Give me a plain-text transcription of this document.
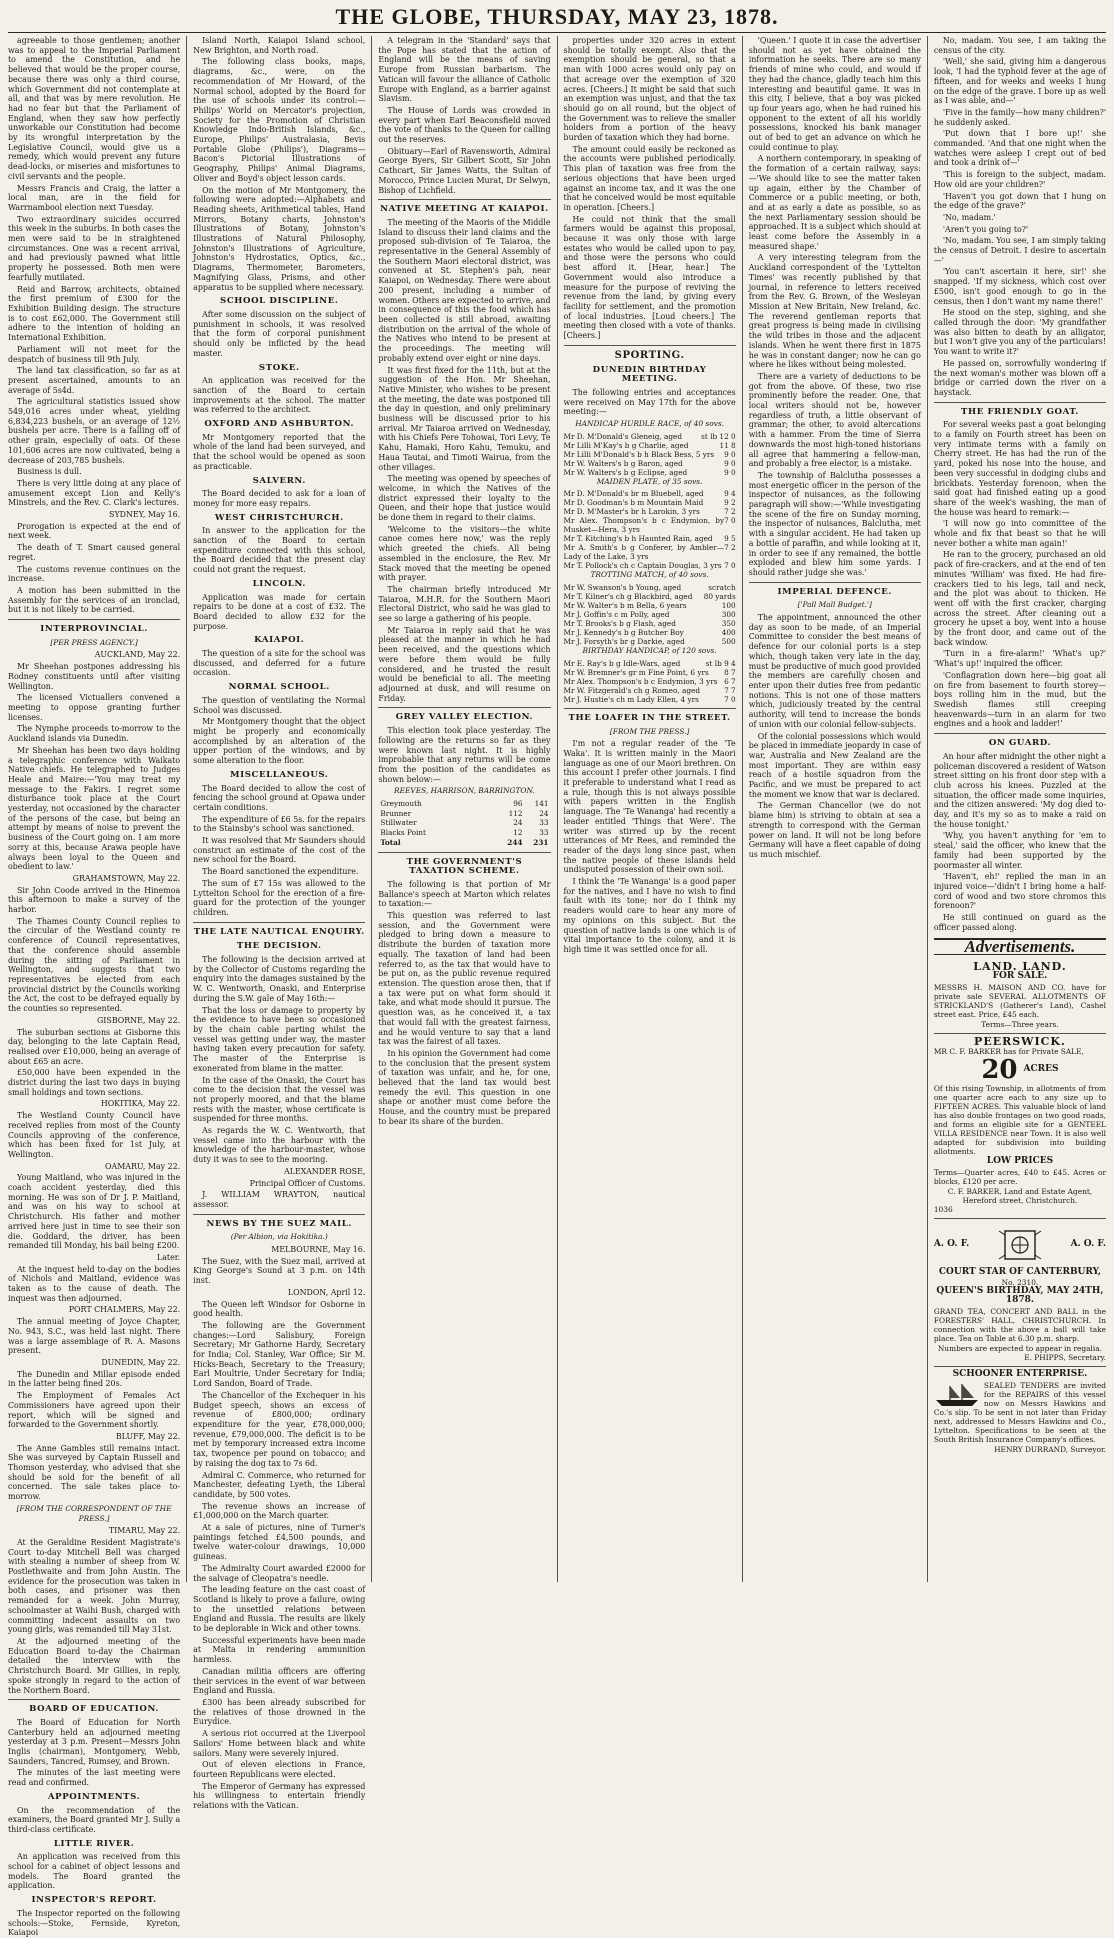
THE GLOBE, THURSDAY, MAY 23, 1878.

agreeable to those gentlemen; another was to appeal to the Imperial Parliament to amend the Constitution, and he believed that would be the proper course, because there was only a third course, which Government did not contemplate at all, and that was by mere revolution. He had no fear but that the Parliament of England, when they saw how perfectly unworkable our Constitution had become by its wrongful interpretation by the Legislative Council, would give us a remedy, which would prevent any future dead-locks, or miseries and misfortunes to civil servants and the people.

Messrs Francis and Craig, the latter a local man, are in the field for Warrnambool election next Tuesday.

Two extraordinary suicides occurred this week in the suburbs. In both cases the men were said to be in straightened circumstances. One was a recent arrival, and had previously pawned what little property he possessed. Both men were fearfully mutilated.

Reid and Barrow, architects, obtained the first premium of £300 for the Exhibition Building design. The structure is to cost £62,000. The Government still adhere to the intention of holding an International Exhibition.

Parliament will not meet for the despatch of business till 9th July.

The land tax classification, so far as at present ascertained, amounts to an average of 5s4d.

The agricultural statistics issued show 549,016 acres under wheat, yielding 6,834,223 bushels, or an average of 12½ bushels per acre. There is a falling off of other grain, especially of oats. Of these 101,606 acres are now cultivated, being a decrease of 203,785 bushels.

Business is dull.

There is very little doing at any place of amusement except Lion and Kelly's Minstrels, and the Rev. C. Clark's lectures.

SYDNEY, May 16.

Prorogation is expected at the end of next week.

The death of T. Smart caused general regret.

The customs revenue continues on the increase.

A motion has been submitted in the Assembly for the services of an ironclad, but it is not likely to be carried.

INTERPROVINCIAL.
[PER PRESS AGENCY.]

AUCKLAND, May 22.

Mr Sheehan postpones addressing his Rodney constituents until after visiting Wellington.

The licensed Victuallers convened a meeting to oppose granting further licenses.

The Nymphe proceeds to-morrow to the Auckland islands via Dunedin.

Mr Sheehan has been two days holding a telegraphic conference with Waikato Native chiefs. He telegraphed to Judges Heale and Maire:—'You may treat my message to the Fakirs. I regret some disturbance took place at the Court yesterday, not occasioned by the character of the persons of the case, but being an attempt by means of noise to prevent the business of the Court going on. I am more sorry at this, because Arawa people have always been loyal to the Queen and obedient to law.'

GRAHAMSTOWN, May 22.

Sir John Coode arrived in the Hinemoa this afternoon to make a survey of the harbor.

The Thames County Council replies to the circular of the Westland county re conference of Council representatives, that the conference should assemble during the sitting of Parliament in Wellington, and suggests that two representatives be elected from each provincial district by the Councils working the Act, the cost to be defrayed equally by the counties so represented.

GISBORNE, May 22.

The suburban sections at Gisborne this day, belonging to the late Captain Read, realised over £10,000, being an average of about £65 an acre.

£50,000 have been expended in the district during the last two days in buying small holdings and town sections.

HOKITIKA, May 22.

The Westland County Council have received replies from most of the County Councils approving of the conference, which has been fixed for 1st July, at Wellington.

OAMARU, May 22.

Young Maitland, who was injured in the coach accident yesterday, died this morning. He was son of Dr J. P. Maitland, and was on his way to school at Christchurch. His father and mother arrived here just in time to see their son die. Goddard, the driver, has been remanded till Monday, his bail being £200.

Later.

At the inquest held to-day on the bodies of Nichols and Maitland, evidence was taken as to the cause of death. The inquest was then adjourned.

PORT CHALMERS, May 22.

The annual meeting of Joyce Chapter, No. 943, S.C., was held last night. There was a large assemblage of R. A. Masons present.

DUNEDIN, May 22.

The Dunedin and Millar episode ended in the latter being fined 20s.

The Employment of Females Act Commissioners have agreed upon their report, which will be signed and forwarded to the Government shortly.

BLUFF, May 22.

The Anne Gambles still remains intact. She was surveyed by Captain Russell and Thomson yesterday, who advised that she should be sold for the benefit of all concerned. The sale takes place to-morrow.

[FROM THE CORRESPONDENT OF THE PRESS.]

TIMARU, May 22.

At the Geraldine Resident Magistrate's Court to-day Mitchell Bell was charged with stealing a number of sheep from W. Postlethwaite and from John Austin. The evidence for the prosecution was taken in both cases, and prisoner was then remanded for a week. John Murray, schoolmaster at Waihi Bush, charged with committing indecent assaults on two young girls, was remanded till May 31st.

At the adjourned meeting of the Education Board to-day the Chairman detailed the interview with the Christchurch Board. Mr Gillies, in reply, spoke strongly in regard to the action of the Northern Board.

BOARD OF EDUCATION.

The Board of Education for North Canterbury held an adjourned meeting yesterday at 3 p.m. Present—Messrs John Inglis (chairman), Montgomery, Webb, Saunders, Tancred, Rumsey, and Brown.

The minutes of the last meeting were read and confirmed.

APPOINTMENTS.

On the recommendation of the examiners, the Board granted Mr J. Sully a third-class certificate.

LITTLE RIVER.

An application was received from this school for a cabinet of object lessons and models. The Board granted the application.

INSPECTOR'S REPORT.

The Inspector reported on the following schools:—Stoke, Fernside, Kyreton, Kaiapoi

Island North, Kaiapoi Island school, New Brighton, and North road.

The following class books, maps, diagrams, &c., were, on the recommendation of Mr Howard, of the Normal school, adopted by the Board for the use of schools under its control:—Philips' World on Mercator's projection, Society for the Promotion of Christian Knowledge Indo-British Islands, &c., Europe, Philips' Australasia, Bevis Portable Globe (Philips'), Diagrams—Bacon's Pictorial Illustrations of Geography, Philips' Animal Diagrams, Oliver and Boyd's object lesson cards.

On the motion of Mr Montgomery, the following were adopted:—Alphabets and Reading sheets, Arithmetical tables, Hand Mirrors, Botany charts, Johnston's Illustrations of Botany, Johnston's Illustrations of Natural Philosophy, Johnston's Illustrations of Agriculture, Johnston's Hydrostatics, Optics, &c., Diagrams, Thermometer, Barometers, Magnifying Glass, Prisms, and other apparatus to be supplied where necessary.

SCHOOL DISCIPLINE.

After some discussion on the subject of punishment in schools, it was resolved that the form of corporal punishment should only be inflicted by the head master.

STOKE.

An application was received for the sanction of the Board to certain improvements at the school. The matter was referred to the architect.

OXFORD AND ASHBURTON.

Mr Montgomery reported that the whole of the land had been surveyed, and that the school would be opened as soon as practicable.

SALVERN.

The Board decided to ask for a loan of money for more easy repairs.

WEST CHRISTCHURCH.

In answer to the application for the sanction of the Board to certain expenditure connected with this school, the Board decided that the present clay could not grant the request.

LINCOLN.

Application was made for certain repairs to be done at a cost of £32. The Board decided to allow £32 for the purpose.

KAIAPOI.

The question of a site for the school was discussed, and deferred for a future occasion.

NORMAL SCHOOL.

The question of ventilating the Normal School was discussed.

Mr Montgomery thought that the object might be properly and economically accomplished by an alteration of the upper portion of the windows, and by some alteration to the floor.

MISCELLANEOUS.

The Board decided to allow the cost of fencing the school ground at Opawa under certain conditions.

The expenditure of £6 5s. for the repairs to the Stainsby's school was sanctioned.

It was resolved that Mr Saunders should construct an estimate of the cost of the new school for the Board.

The Board sanctioned the expenditure.

The sum of £7 15s was allowed to the Lyttelton School for the erection of a fire-guard for the protection of the younger children.

THE LATE NAUTICAL ENQUIRY.
THE DECISION.

The following is the decision arrived at by the Collector of Customs regarding the enquiry into the damages sustained by the W. C. Wentworth, Onaski, and Enterprise during the S.W. gale of May 16th:—

That the loss or damage to property by the evidence to have been so occasioned by the chain cable parting whilst the vessel was getting under way, the master having taken every precaution for safety. The master of the Enterprise is exonerated from blame in the matter.

In the case of the Onaski, the Court has come to the decision that the vessel was not properly moored, and that the blame rests with the master, whose certificate is suspended for three months.

As regards the W. C. Wentworth, that vessel came into the harbour with the knowledge of the harbour-master, whose duty it was to see to the mooring.

ALEXANDER ROSE,

Principal Officer of Customs.

J. WILLIAM WRAYTON, nautical assessor.

NEWS BY THE SUEZ MAIL.
(Per Albion, via Hokitika.)

MELBOURNE, May 16.

The Suez, with the Suez mail, arrived at King George's Sound at 3 p.m. on 14th inst.

LONDON, April 12.

The Queen left Windsor for Osborne in good health.

The following are the Government changes:—Lord Salisbury, Foreign Secretary; Mr Gathorne Hardy, Secretary for India; Col. Stanley, War Office; Sir M. Hicks-Beach, Secretary to the Treasury; Earl Moultrie, Under Secretary for India; Lord Sandon, Board of Trade.

The Chancellor of the Exchequer in his Budget speech, shows an excess of revenue of £800,000; ordinary expenditure for the year, £78,000,000; revenue, £79,000,000. The deficit is to be met by temporary increased extra income tax, twopence per pound on tobacco; and by raising the dog tax to 7s 6d.

Admiral C. Commerce, who returned for Manchester, defeating Lyeth, the Liberal candidate, by 500 votes.

The revenue shows an increase of £1,000,000 on the March quarter.

At a sale of pictures, nine of Turner's paintings fetched £4,500 pounds, and twelve water-colour drawings, 10,000 guineas.

The Admiralty Court awarded £2000 for the salvage of Cleopatra's needle.

The leading feature on the cast coast of Scotland is likely to prove a failure, owing to the unsettled relations between England and Russia. The results are likely to be deplorable in Wick and other towns.

Successful experiments have been made at Malta in rendering ammunition harmless.

Canadian militia officers are offering their services in the event of war between England and Russia.

£300 has been already subscribed for the relatives of those drowned in the Eurydice.

A serious riot occurred at the Liverpool Sailors' Home between black and white sailors. Many were severely injured.

Out of eleven elections in France, fourteen Republicans were elected.

The Emperor of Germany has expressed his willingness to entertain friendly relations with the Vatican.

A telegram in the 'Standard' says that the Pope has stated that the action of England will be the means of saving Europe from Russian barbarism. The Vatican will favour the alliance of Catholic Europe with England, as a barrier against Slavism.

The House of Lords was crowded in every part when Earl Beaconsfield moved the vote of thanks to the Queen for calling out the reserves.

Obituary—Earl of Ravensworth, Admiral George Byers, Sir Gilbert Scott, Sir John Cathcart, Sir James Watts, the Sultan of Morocco, Prince Lucien Murat, Dr Selwyn, Bishop of Lichfield.

NATIVE MEETING AT KAIAPOI.

The meeting of the Maoris of the Middle Island to discuss their land claims and the proposed sub-division of Te Taiaroa, the representative in the General Assembly of the Southern Maori electoral district, was convened at St. Stephen's pah, near Kaiapoi, on Wednesday. There were about 200 present, including a number of women. Others are expected to arrive, and in consequence of this the food which has been collected is still abroad, awaiting distribution on the arrival of the whole of the Natives who intend to be present at the proceedings. The meeting will probably extend over eight or nine days.

It was first fixed for the 11th, but at the suggestion of the Hon. Mr Sheehan, Native Minister, who wishes to be present at the meeting, the date was postponed till the day in question, and only preliminary business will be discussed prior to his arrival. Mr Taiaroa arrived on Wednesday, with his Chiefs Pere Tohowai, Tori Levy, Te Kahu, Hamaki, Horo Kahu, Temuku, and Haua Tautai, and Timoti Wairua, from the other villages.

The meeting was opened by speeches of welcome, in which the Natives of the district expressed their loyalty to the Queen, and their hope that justice would be done them in regard to their claims.

'Welcome to the visitors—the white canoe comes here now,' was the reply which greeted the chiefs. All being assembled in the enclosure, the Rev. Mr Stack moved that the meeting be opened with prayer.

The chairman briefly introduced Mr Taiaroa, M.H.R. for the Southern Maori Electoral District, who said he was glad to see so large a gathering of his people.

Mr Taiaroa in reply said that he was pleased at the manner in which he had been received, and the questions which were before them would be fully considered, and he trusted the result would be beneficial to all. The meeting adjourned at dusk, and will resume on Friday.

GREY VALLEY ELECTION.

This election took place yesterday. The following are the returns so far as they were known last night. It is highly improbable that any returns will be come from the position of the candidates as shown below:—

REEVES, HARRISON, BARRINGTON.
Greymouth	96	141
Brunner	112	24
Stillwater	24	33
Blacks Point	12	33
Total	244	231
THE GOVERNMENT'S TAXATION SCHEME.

The following is that portion of Mr Ballance's speech at Marton which relates to taxation:—

This question was referred to last session, and the Government were pledged to bring down a measure to distribute the burden of taxation more equally. The taxation of land had been referred to, as the tax that would have to be put on, as the public revenue required extension. The question arose then, that if a tax were put on what form should it take, and what mode should it pursue. The question was, as he conceived it, a tax that would fall with the greatest fairness, and he would venture to say that a land tax was the fairest of all taxes.

In his opinion the Government had come to the conclusion that the present system of taxation was unfair, and he, for one, believed that the land tax would best remedy the evil. This question in one shape or another must come before the House, and the country must be prepared to bear its share of the burden.

properties under 320 acres in extent should be totally exempt. Also that the exemption should be general, so that a man with 1000 acres would only pay on that acreage over the exemption of 320 acres. [Cheers.] It might be said that such an exemption was unjust, and that the tax should go on all round, but the object of the Government was to relieve the smaller holders from a portion of the heavy burden of taxation which they had borne.

The amount could easily be reckoned as the accounts were published periodically. This plan of taxation was free from the serious objections that have been urged against an income tax, and it was the one that he conceived would be most equitable in operation. [Cheers.]

He could not think that the small farmers would be against this proposal, because it was only those with large estates who would be called upon to pay, and those were the persons who could best afford it. [Hear, hear.] The Government would also introduce a measure for the purpose of reviving the revenue from the land, by giving every facility for settlement, and the promotion of local industries. [Loud cheers.] The meeting then closed with a vote of thanks. [Cheers.]

SPORTING.
DUNEDIN BIRTHDAY MEETING.

The following entries and acceptances were received on May 17th for the above meeting:—

HANDICAP HURDLE RACE, of 40 sovs.
Mr D. M'Donald's Gleneig, aged	st lb 12 0
Mr Lilli M'Kay's b g Charlie, aged	11 8
Mr Lilli M'Donald's b h Black Bess, 5 yrs 9 0
Mr W. Walters's b g Baron, aged	9 0
Mr W. Walters's b g Eclipse, aged	9 0
MAIDEN PLATE, of 35 sovs.
Mr D. M'Donald's br m Bluebell, aged	9 4
Mr D. Goodman's b m Mountain Maid	9 2
Mr D. M'Master's br h Larokin, 3 yrs	7 2
Mr Alex. Thompson's b c Endymion, by Musket—Hera, 3 yrs
7 0
Mr T. Kitching's b h Haunted Rain, aged 9 5
Mr A. Smith's b g Conferer, by Ambler—Lady of the Lake, 3 yrs
7 2
Mr T. Pollock's ch c Captain Douglas, 3 yrs 7 0
TROTTING MATCH, of 40 sovs.
Mr W. Swanson's b Young, aged	scratch
Mr T. Kilner's ch g Blackbird, aged 80 yards
Mr W. Walter's b m Bella, 6 years	100
Mr J. Goffin's c m Polly, aged	300
Mr T. Brooks's b g Flash, aged	350
Mr J. Kennedy's b g Butcher Boy	400
Mr J. Forsyth's br g Darkie, aged	500
BIRTHDAY HANDICAP, of 120 sovs.
Mr E. Ray's b g Idle-Wars, aged	st lb 9 4
Mr W. Bremner's gr m Fine Point, 6 yrs 8 7
Mr Alex. Thompson's b c Endymion, 3 yrs 6 7
Mr W. Fitzgerald's ch g Romeo, aged	7 7
Mr J. Hustie's ch m Lady Ellen, 4 yrs	7 0
THE LOAFER IN THE STREET.
[FROM THE PRESS.]

I'm not a regular reader of the 'Te Waka'. It is written mainly in the Maori language as one of our Maori brethren. On this account I prefer other journals. I find it preferable to understand what I read as a rule, though this is not always possible with papers written in the English language. The 'Te Wananga' had recently a leader entitled 'Things that Were'. The writer was stirred up by the recent utterances of Mr Rees, and reminded the reader of the days long since past, when the native people of these islands held undisputed possession of their own soil.

I think the 'Te Wananga' is a good paper for the natives, and I have no wish to find fault with its tone; nor do I think my readers would care to hear any more of my opinions on this subject. But the question of native lands is one which is of vital importance to the colony, and it is high time it was settled once for all.

'Queen.' I quote it in case the advertiser should not as yet have obtained the information he seeks. There are so many friends of mine who could, and would if they had the chance, gladly teach him this interesting and beautiful game. It was in this city, I believe, that a boy was picked up four years ago, when he had ruined his opponent to the extent of all his worldly possessions, knocked his bank manager out of bed to get an advance on which he could continue to play.

A northern contemporary, in speaking of the formation of a certain railway, says:—'We should like to see the matter taken up again, either by the Chamber of Commerce or a public meeting, or both, and at as early a date as possible, so as the next Parliamentary session should be approached. It is a subject which should at least come before the Assembly in a measured shape.'

A very interesting telegram from the Auckland correspondent of the 'Lyttelton Times' was recently published by that journal, in reference to letters received from the Rev. G. Brown, of the Wesleyan Mission at New Britain, New Ireland, &c. The reverend gentleman reports that great progress is being made in civilising the wild tribes in those and the adjacent islands. When he went there first in 1875 he was in constant danger; now he can go where he likes without being molested.

There are a variety of deductions to be got from the above. Of these, two rise prominently before the reader. One, that local writers should not be, however regardless of truth, a little observant of grammar; the other, to avoid altercations with a hammer. From the time of Sierra downwards the most high-toned historians all agree that hammering a fellow-man, and probably a free elector, is a mistake.

The township of Balclutha possesses a most energetic officer in the person of the inspector of nuisances, as the following paragraph will show:—'While investigating the scene of the fire on Sunday morning, the inspector of nuisances, Balclutha, met with a singular accident. He had taken up a bottle of paraffin, and while looking at it, in order to see if any remained, the bottle exploded and blew him some yards. I should rather judge she was.'

IMPERIAL DEFENCE.
['Pall Mall Budget.']

The appointment, announced the other day as soon to be made, of an Imperial Committee to consider the best means of defence for our colonial ports is a step which, though taken very late in the day, must be productive of much good provided the members are carefully chosen and enter upon their duties free from pedantic notions. This is not one of those matters which, judiciously treated by the central authority, will tend to increase the bonds of union with our colonial fellow-subjects.

Of the colonial possessions which would be placed in immediate jeopardy in case of war, Australia and New Zealand are the most important. They are within easy reach of a hostile squadron from the Pacific, and we must be prepared to act the moment we know that war is declared.

The German Chancellor (we do not blame him) is striving to obtain at sea a strength to correspond with the German power on land. It will not be long before Germany will have a fleet capable of doing us much mischief.

No, madam. You see, I am taking the census of the city.

'Well,' she said, giving him a dangerous look, 'I had the typhoid fever at the age of fifteen, and for weeks and weeks I hung on the edge of the grave. I bore up as well as I was able, and—'

'Five in the family—how many children?' he suddenly asked.

'Put down that I bore up!' she commanded. 'And that one night when the watches were asleep I crept out of bed and took a drink of—'

'This is foreign to the subject, madam. How old are your children?'

'Haven't you got down that I hung on the edge of the grave?'

'No, madam.'

'Aren't you going to?'

'No, madam. You see, I am simply taking the census of Detroit. I desire to ascertain—'

'You can't ascertain it here, sir!' she snapped. 'If my sickness, which cost over £500, isn't good enough to go in the census, then I don't want my name there!'

He stood on the step, sighing, and she called through the door: 'My grandfather was also bitten to death by an alligator, but I won't give you any of the particulars! You want to write it?'

He passed on, sorrowfully wondering if the next woman's mother was blown off a bridge or carried down the river on a haystack.

THE FRIENDLY GOAT.

For several weeks past a goat belonging to a family on Fourth street has been on very intimate terms with a family on Cherry street. He has had the run of the yard, poked his nose into the house, and been very successful in dodging clubs and brickbats. Yesterday forenoon, when the said goat had finished eating up a good share of the week's washing, the man of the house was heard to remark:—

'I will now go into committee of the whole and fix that beast so that he will never bother a white man again!'

He ran to the grocery, purchased an old pack of fire-crackers, and at the end of ten minutes 'William' was fixed. He had fire-crackers tied to his legs, tail and neck, and the plot was about to thicken. He went off with the first cracker, charging across the street. After cleaning out a grocery he upset a boy, went into a house by the front door, and came out of the back window.

'Turn in a fire-alarm!' 'What's up?' 'What's up!' inquired the officer.

'Conflagration down here—big goat all on fire from basement to fourth storey—boys rolling him in the mud, but the Swedish flames still creeping heavenwards—turn in an alarm for two engines and a hook and ladder!'

ON GUARD.

An hour after midnight the other night a policeman discovered a resident of Watson street sitting on his front door step with a club across his knees. Puzzled at the situation, the officer made some inquiries, and the citizen answered: 'My dog died to-day, and it's my so as to make a raid on the house tonight.'

'Why, you haven't anything for 'em to steal,' said the officer, who knew that the family had been supported by the poormaster all winter.

'Haven't, eh!' replied the man in an injured voice—'didn't I bring home a half-cord of wood and two store chromos this forenoon?'

He still continued on guard as the officer passed along.

Advertisements.
LAND. LAND.
FOR SALE.

MESSRS H. MAISON AND CO. have for private sale SEVERAL ALLOTMENTS OF STRICKLAND'S (Gatherer's Land), Cashel street east. Price, £45 each.

Terms—Three years.
PEERSWICK.

MR C. F. BARKER has for Private SALE,

20 ACRES

Of this rising Township, in allotments of from one quarter acre each to any size up to FIFTEEN ACRES. This valuable block of land has also double frontages on two good roads, and forms an eligible site for a GENTEEL VILLA RESIDENCE near Town. It is also well adapted for subdivision into building allotments.

LOW PRICES

Terms—Quarter acres, £40 to £45. Acres or blocks, £120 per acre.

C. F. BARKER, Land and Estate Agent, Hereford street, Christchurch.
1036
A. O. F.	A. O. F.
COURT STAR OF CANTERBURY,
No. 2310.
QUEEN'S BIRTHDAY, MAY 24TH, 1878.

GRAND TEA, CONCERT AND BALL in the FORESTERS' HALL, CHRISTCHURCH. In connection with the above a ball will take place. Tea on Table at 6.30 p.m. sharp.

Numbers are expected to appear in regalia.
E. PHIPPS, Secretary.
SCHOONER ENTERPRISE.

SEALED TENDERS are invited for the REPAIRS of this vessel now on Messrs Hawkins and Co.'s slip. To be sent in not later than Friday next, addressed to Messrs Hawkins and Co., Lyttelton. Specifications to be seen at the South British Insurance Company's offices.

HENRY DURRAND, Surveyor.
